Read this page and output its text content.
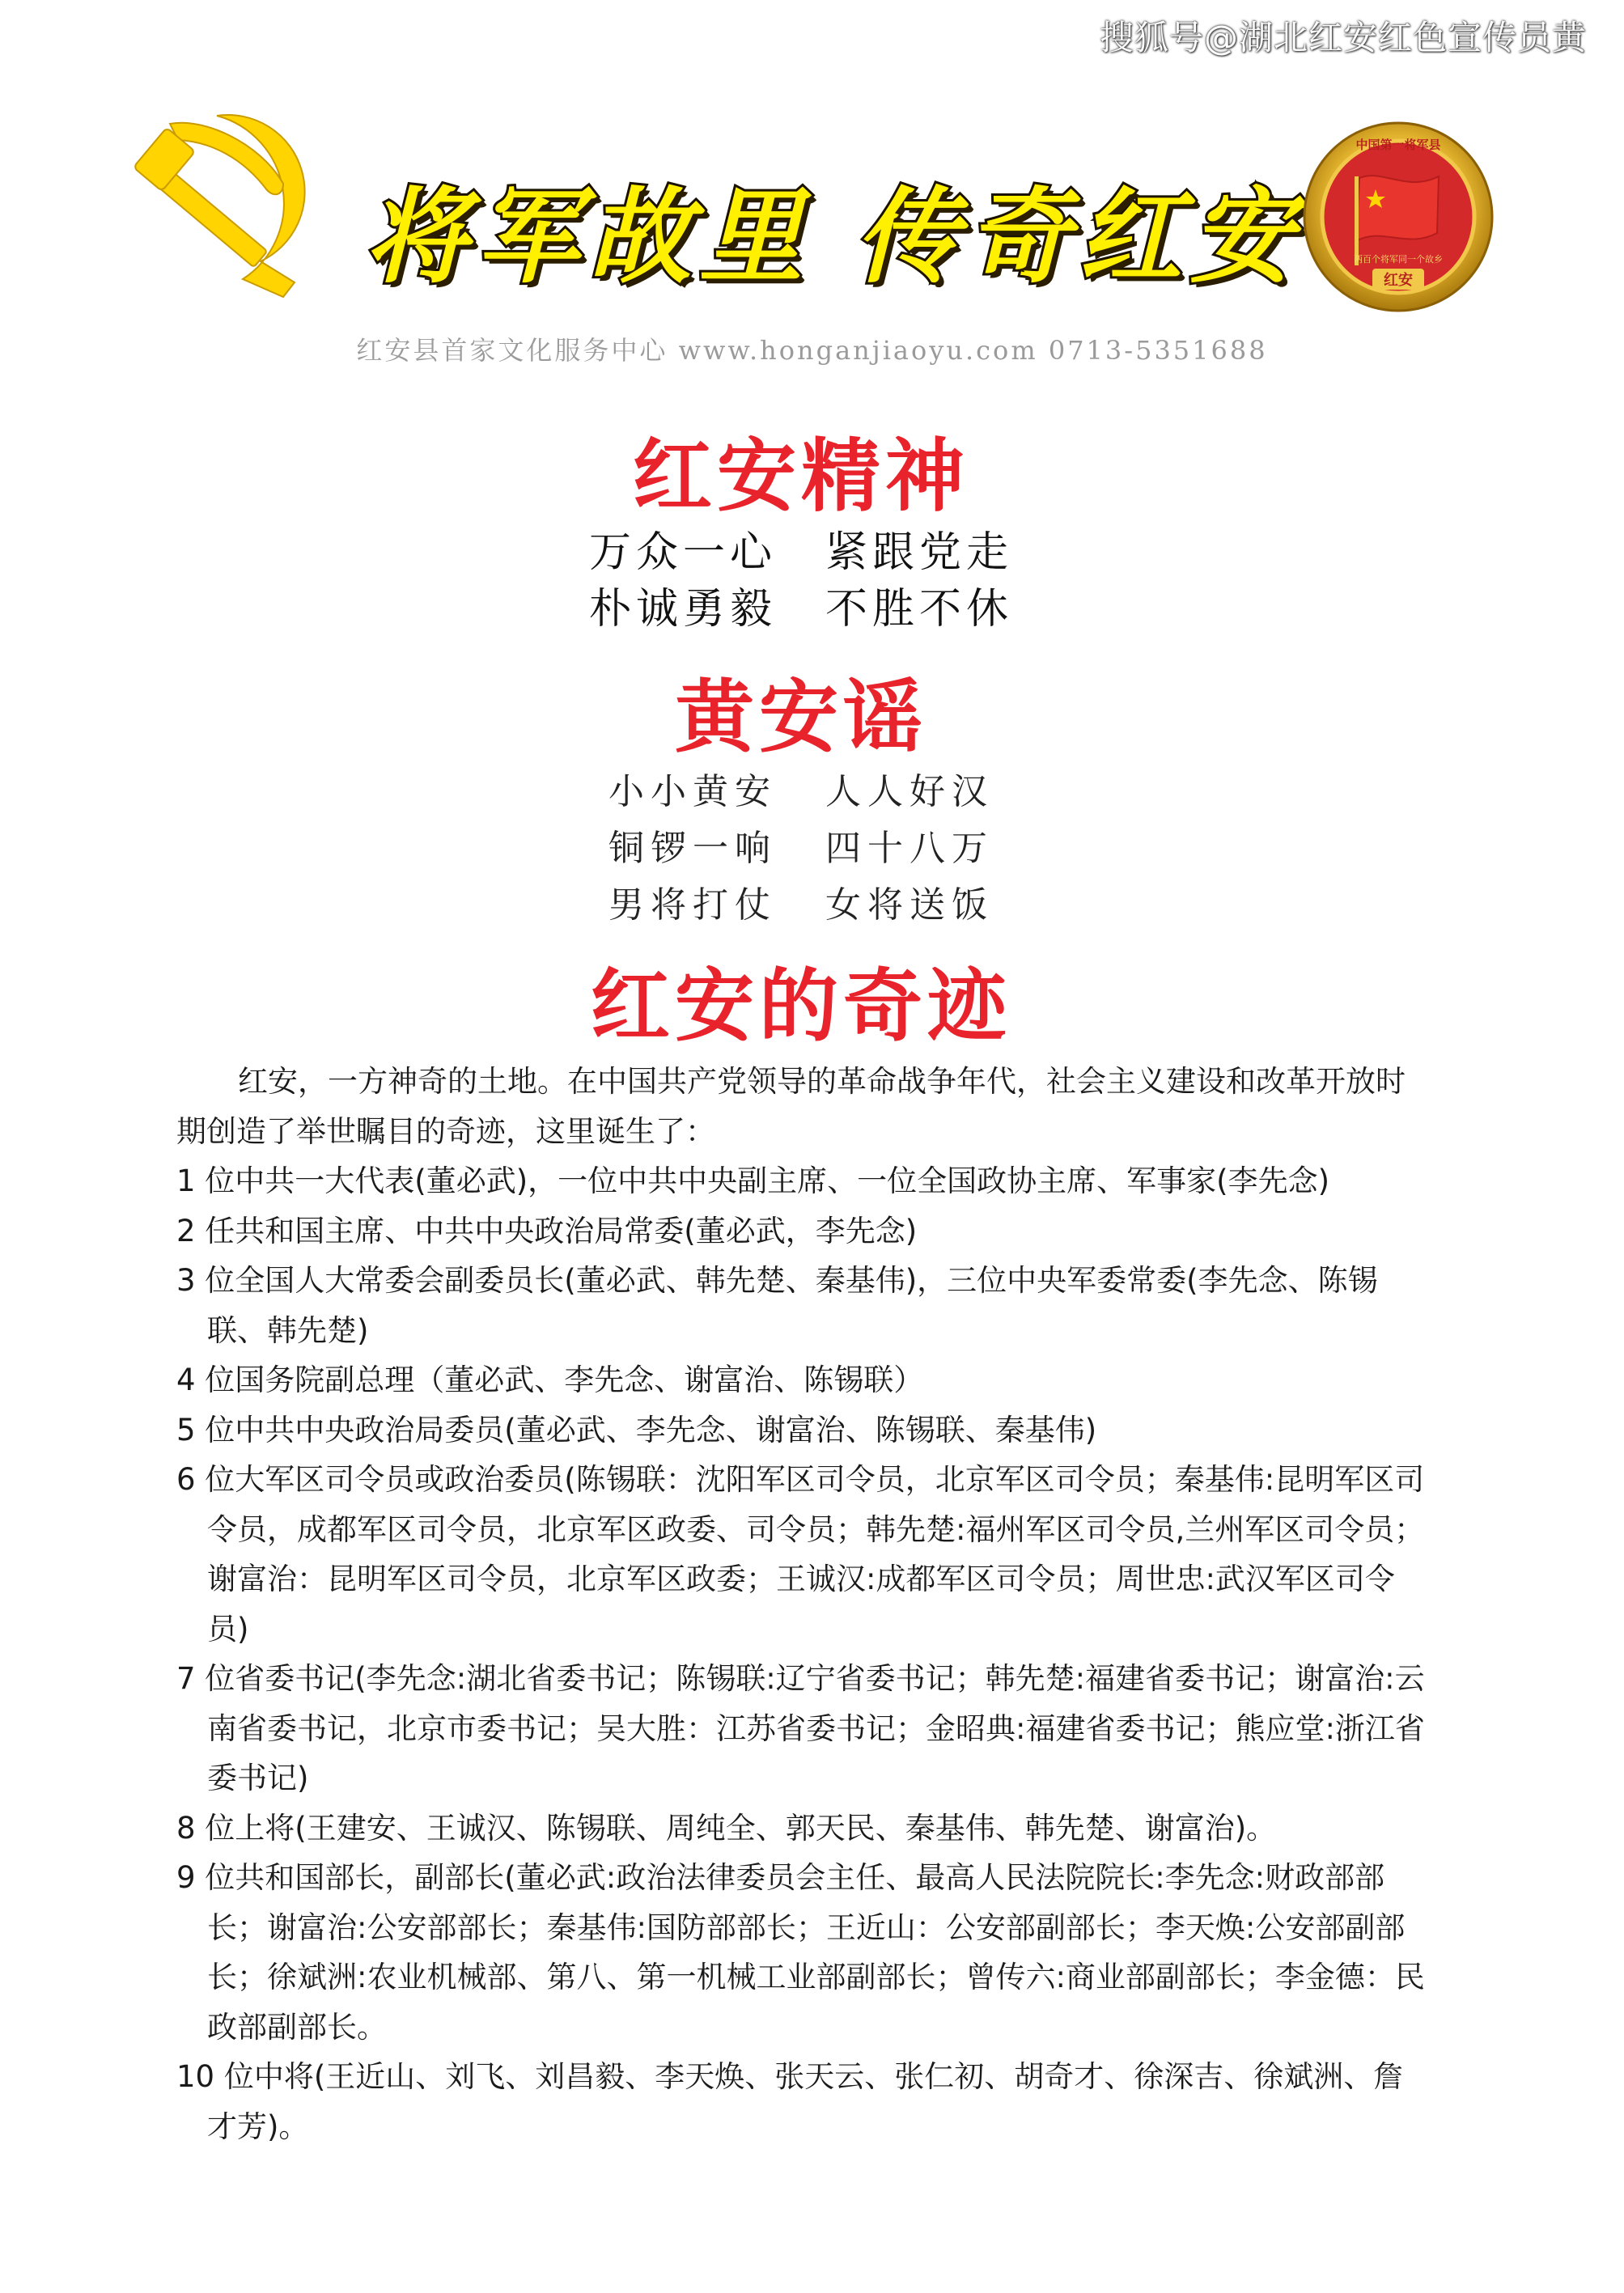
搜狐号@湖北红安红色宣传员黄
将军故里 传奇红安
中国第一将军县
两百个将军同一个故乡
红安
红安县首家文化服务中心 www.honganjiaoyu.com 0713-5351688
红安精神
万众一心 紧跟党走
朴诚勇毅 不胜不休
黄安谣
小小黄安 人人好汉
铜锣一响 四十八万
男将打仗 女将送饭
红安的奇迹

红安，一方神奇的土地。在中国共产党领导的革命战争年代，社会主义建设和改革开放时期创造了举世瞩目的奇迹，这里诞生了：

1 位中共一大代表(董必武)，一位中共中央副主席、一位全国政协主席、军事家(李先念)
2 任共和国主席、中共中央政治局常委(董必武，李先念)
3 位全国人大常委会副委员长(董必武、韩先楚、秦基伟)，三位中央军委常委(李先念、陈锡联、韩先楚)
4 位国务院副总理（董必武、李先念、谢富治、陈锡联）
5 位中共中央政治局委员(董必武、李先念、谢富治、陈锡联、秦基伟)
6 位大军区司令员或政治委员(陈锡联：沈阳军区司令员，北京军区司令员；秦基伟:昆明军区司令员，成都军区司令员，北京军区政委、司令员；韩先楚:福州军区司令员,兰州军区司令员；谢富治：昆明军区司令员，北京军区政委；王诚汉:成都军区司令员；周世忠:武汉军区司令员)
7 位省委书记(李先念:湖北省委书记；陈锡联:辽宁省委书记；韩先楚:福建省委书记；谢富治:云南省委书记，北京市委书记；吴大胜：江苏省委书记；金昭典:福建省委书记；熊应堂:浙江省委书记)
8 位上将(王建安、王诚汉、陈锡联、周纯全、郭天民、秦基伟、韩先楚、谢富治)。
9 位共和国部长，副部长(董必武:政治法律委员会主任、最高人民法院院长:李先念:财政部部长；谢富治:公安部部长；秦基伟:国防部部长；王近山：公安部副部长；李天焕:公安部副部长；徐斌洲:农业机械部、第八、第一机械工业部副部长；曾传六:商业部副部长；李金德：民政部副部长。
10 位中将(王近山、刘飞、刘昌毅、李天焕、张天云、张仁初、胡奇才、徐深吉、徐斌洲、詹才芳)。
